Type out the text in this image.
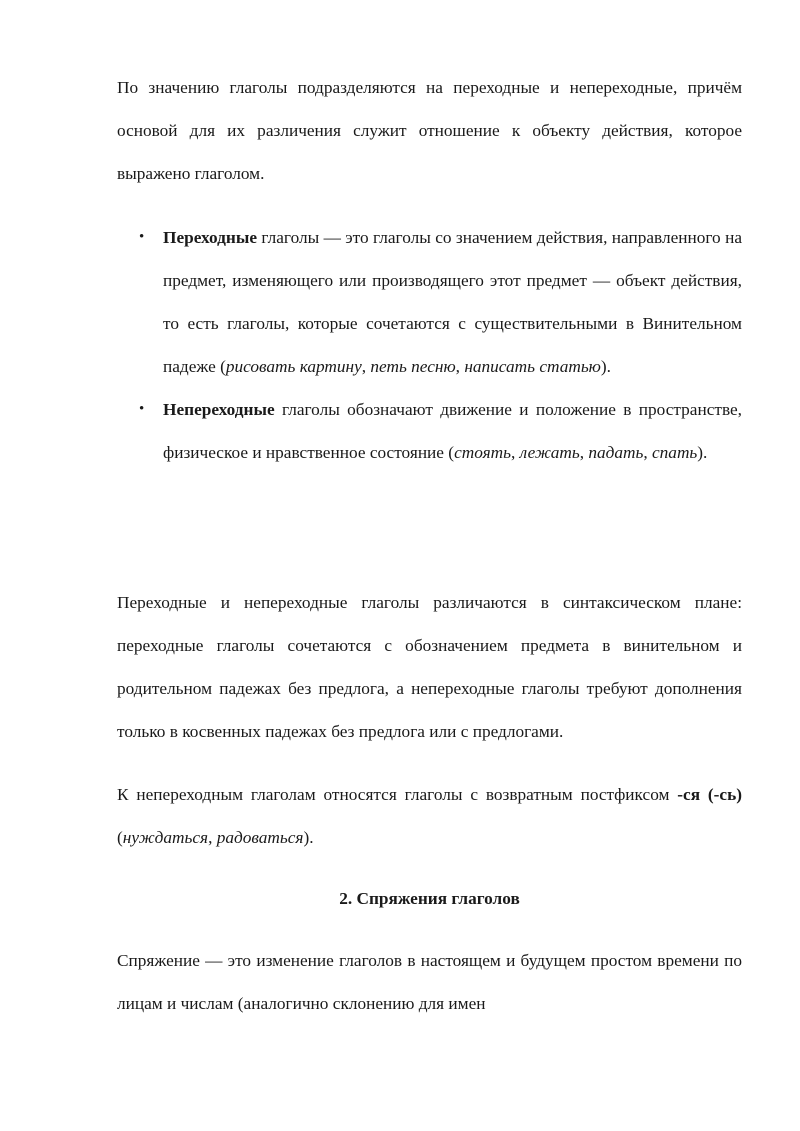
По значению глаголы подразделяются на переходные и непереходные, причём основой для их различения служит отношение к объекту действия, которое выражено глаголом.

• Переходные глаголы — это глаголы со значением действия, направленного на предмет, изменяющего или производящего этот предмет — объект действия, то есть глаголы, которые сочетаются с существительными в Винительном падеже (рисовать картину, петь песню, написать статью).
• Непереходные глаголы обозначают движение и положение в пространстве, физическое и нравственное состояние (стоять, лежать, падать, спать).

Переходные и непереходные глаголы различаются в синтаксическом плане: переходные глаголы сочетаются с обозначением предмета в винительном и родительном падежах без предлога, а непереходные глаголы требуют дополнения только в косвенных падежах без предлога или с предлогами.

К непереходным глаголам относятся глаголы с возвратным постфиксом -ся (-сь) (нуждаться, радоваться).

2. Спряжения глаголов

Спряжение — это изменение глаголов в настоящем и будущем простом времени по лицам и числам (аналогично склонению для имен
